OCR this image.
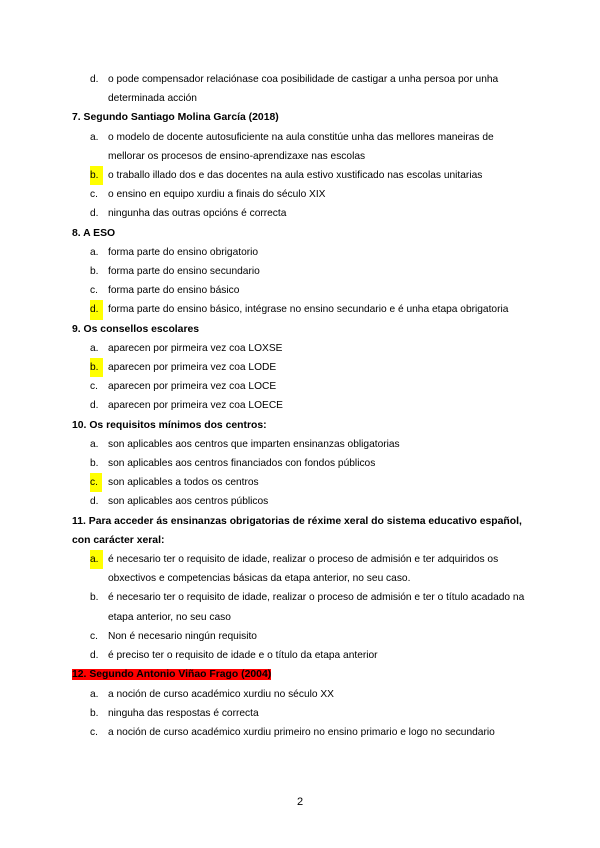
d. o pode compensador relaciónase coa posibilidade de castigar a unha persoa por unha determinada acción
7. Segundo Santiago Molina García (2018)
a. o modelo de docente autosuficiente na aula constitúe unha das mellores maneiras de mellorar os procesos de ensino-aprendizaxe nas escolas
b. o traballo illado dos e das docentes na aula estivo xustificado nas escolas unitarias
c. o ensino en equipo xurdiu a finais do século XIX
d. ningunha das outras opcións é correcta
8. A ESO
a. forma parte do ensino obrigatorio
b. forma parte do ensino secundario
c. forma parte do ensino básico
d. forma parte do ensino básico, intégrase no ensino secundario e é unha etapa obrigatoria
9. Os consellos escolares
a. aparecen por pirmeira vez coa LOXSE
b. aparecen por primeira vez coa LODE
c. aparecen por primeira vez coa LOCE
d. aparecen por primeira vez coa LOECE
10. Os requisitos mínimos dos centros:
a. son aplicables aos centros que imparten ensinanzas obligatorias
b. son aplicables aos centros financiados con fondos públicos
c. son aplicables a todos os centros
d. son aplicables aos centros públicos
11. Para acceder ás ensinanzas obrigatorias de réxime xeral do sistema educativo español, con carácter xeral:
a. é necesario ter o requisito de idade, realizar o proceso de admisión e ter adquiridos os obxectivos e competencias básicas da etapa anterior, no seu caso.
b. é necesario ter o requisito de idade, realizar o proceso de admisión e ter o título acadado na etapa anterior, no seu caso
c. Non é necesario ningún requisito
d. é preciso ter o requisito de idade e o título da etapa anterior
12. Segundo Antonio Viñao Frago (2004)
a. a noción de curso académico xurdiu no século XX
b. ninguha das respostas é correcta
c. a noción de curso académico xurdiu primeiro no ensino primario e logo no secundario
2
